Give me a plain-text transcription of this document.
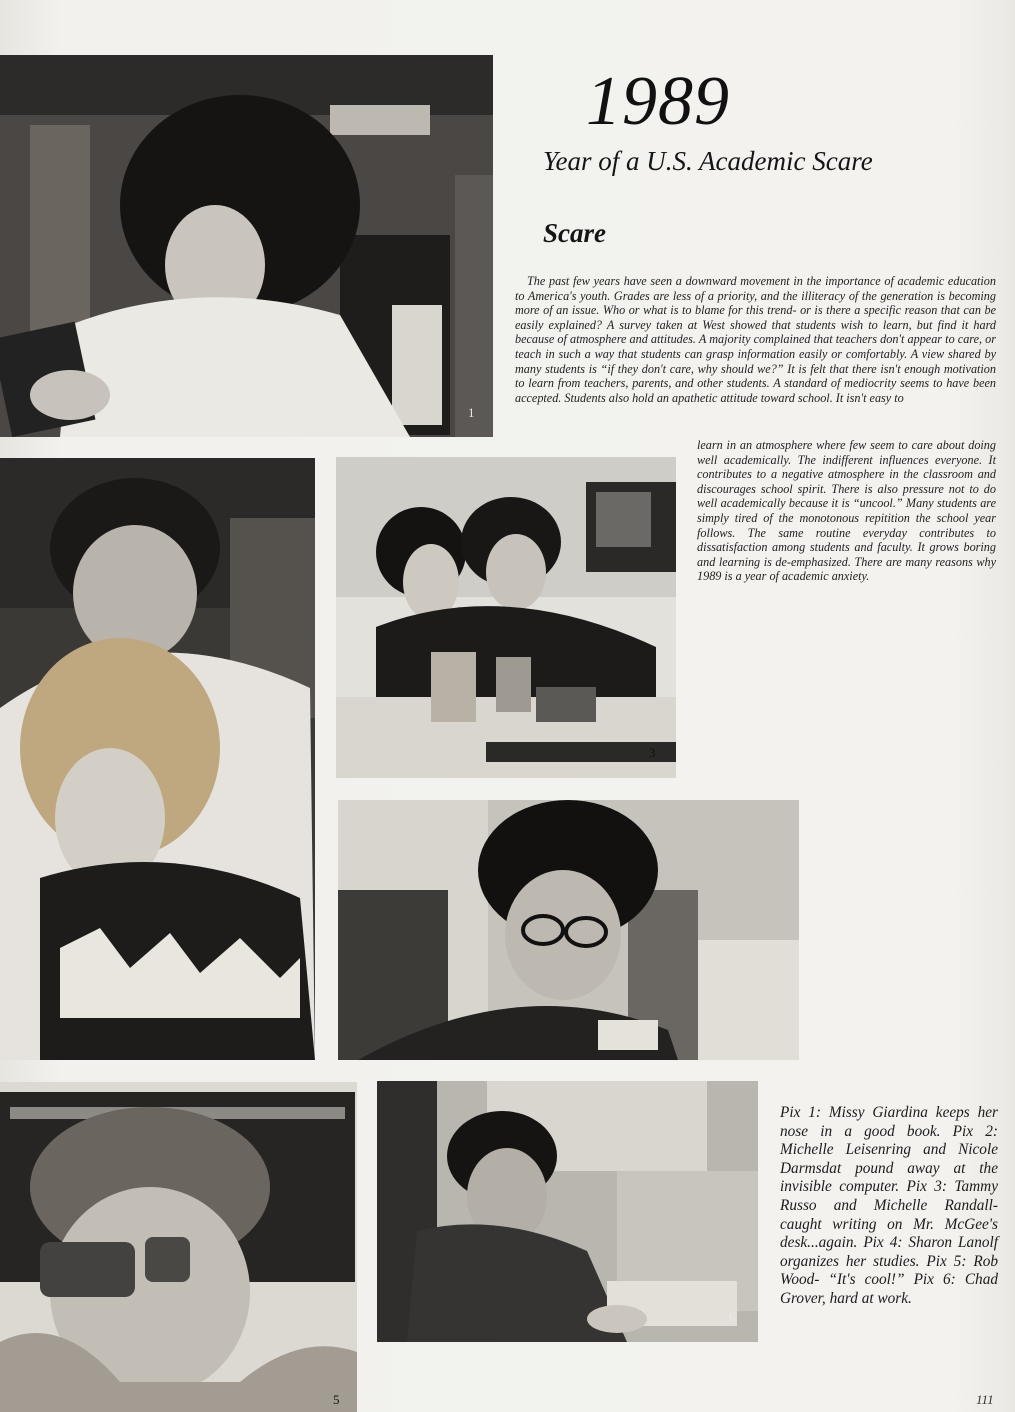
1
1989
Year of a U.S. Academic Scare
Scare

The past few years have seen a downward movement in the importance of academic education to America's youth. Grades are less of a priority, and the illiteracy of the generation is becoming more of an issue. Who or what is to blame for this trend- or is there a specific reason that can be easily explained? A survey taken at West showed that students wish to learn, but find it hard because of atmosphere and attitudes. A majority complained that teachers don't appear to care, or teach in such a way that students can grasp information easily or comfortably. A view shared by many students is “if they don't care, why should we?” It is felt that there isn't enough motivation to learn from teachers, parents, and other students. A standard of mediocrity seems to have been accepted. Students also hold an apathetic attitude toward school. It isn't easy to

learn in an atmosphere where few seem to care about doing well academically. The indifferent influences everyone. It contributes to a negative atmosphere in the classroom and discourages school spirit. There is also pressure not to do well academically because it is “uncool.” Many students are simply tired of the monotonous repitition the school year follows. The same routine everyday contributes to dissatisfaction among students and faculty. It grows boring and learning is de-emphasized. There are many reasons why 1989 is a year of academic anxiety.

3
5
6

Pix 1: Missy Giardina keeps her nose in a good book. Pix 2: Michelle Leisenring and Nicole Darmsdat pound away at the invisible computer. Pix 3: Tammy Russo and Michelle Randall- caught writing on Mr. McGee's desk...again. Pix 4: Sharon Lanolf organizes her studies. Pix 5: Rob Wood- “It's cool!” Pix 6: Chad Grover, hard at work.

111
